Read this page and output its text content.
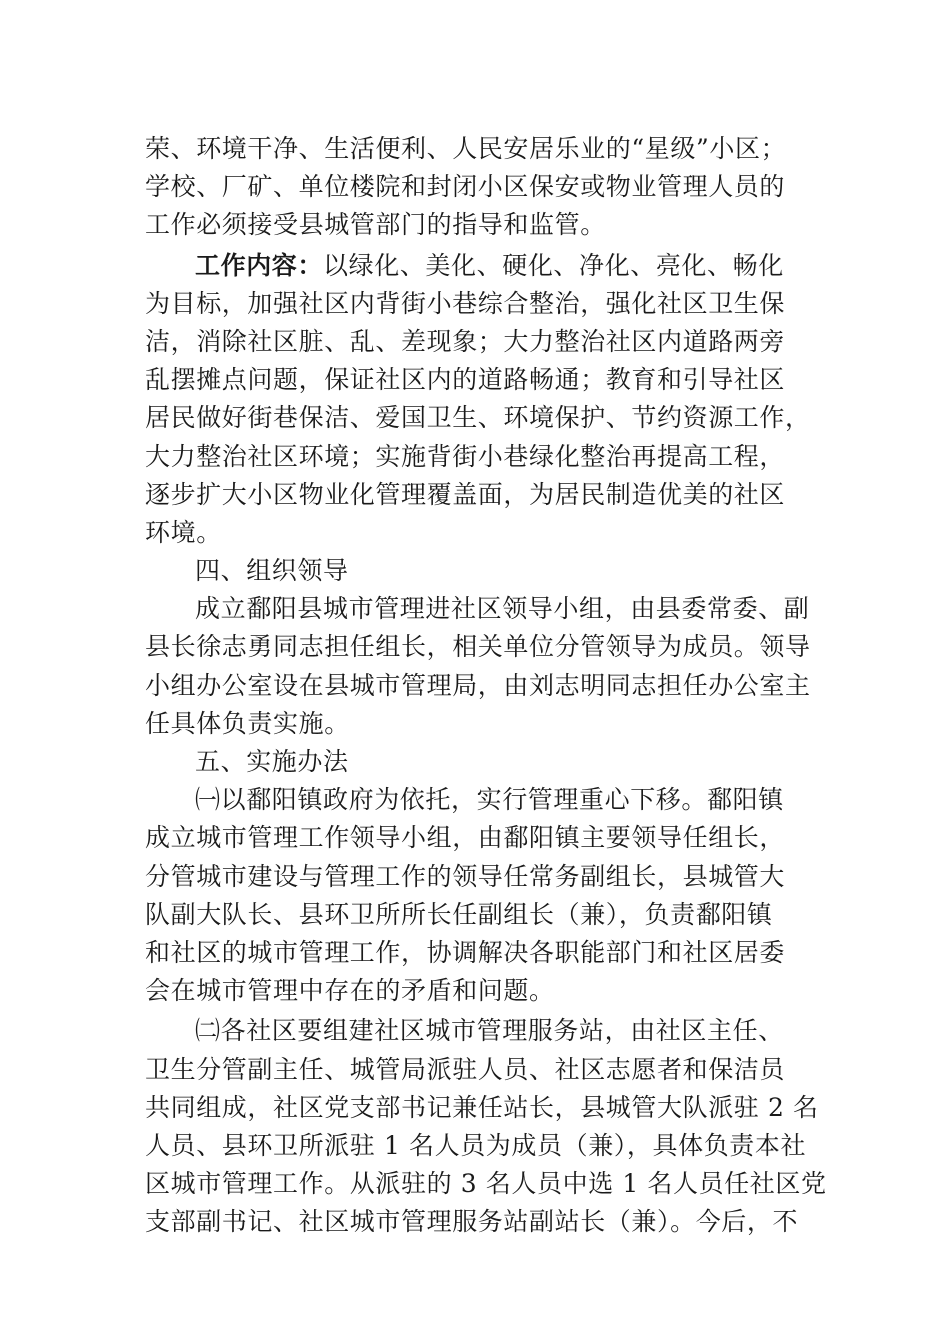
荣、环境干净、生活便利、人民安居乐业的“星级”小区；
学校、厂矿、单位楼院和封闭小区保安或物业管理人员的
工作必须接受县城管部门的指导和监管。
工作内容：以绿化、美化、硬化、净化、亮化、畅化
为目标，加强社区内背街小巷综合整治，强化社区卫生保
洁，消除社区脏、乱、差现象；大力整治社区内道路两旁
乱摆摊点问题，保证社区内的道路畅通；教育和引导社区
居民做好街巷保洁、爱国卫生、环境保护、节约资源工作，
大力整治社区环境；实施背街小巷绿化整治再提高工程，
逐步扩大小区物业化管理覆盖面，为居民制造优美的社区
环境。
四、组织领导
成立鄱阳县城市管理进社区领导小组，由县委常委、副
县长徐志勇同志担任组长，相关单位分管领导为成员。领导
小组办公室设在县城市管理局，由刘志明同志担任办公室主
任具体负责实施。
五、实施办法
㈠以鄱阳镇政府为依托，实行管理重心下移。鄱阳镇
成立城市管理工作领导小组，由鄱阳镇主要领导任组长，
分管城市建设与管理工作的领导任常务副组长，县城管大
队副大队长、县环卫所所长任副组长（兼），负责鄱阳镇
和社区的城市管理工作，协调解决各职能部门和社区居委
会在城市管理中存在的矛盾和问题。
㈡各社区要组建社区城市管理服务站，由社区主任、
卫生分管副主任、城管局派驻人员、社区志愿者和保洁员
共同组成，社区党支部书记兼任站长，县城管大队派驻 2 名
人员、县环卫所派驻 1 名人员为成员（兼），具体负责本社
区城市管理工作。从派驻的 3 名人员中选 1 名人员任社区党
支部副书记、社区城市管理服务站副站长（兼）。今后，不
